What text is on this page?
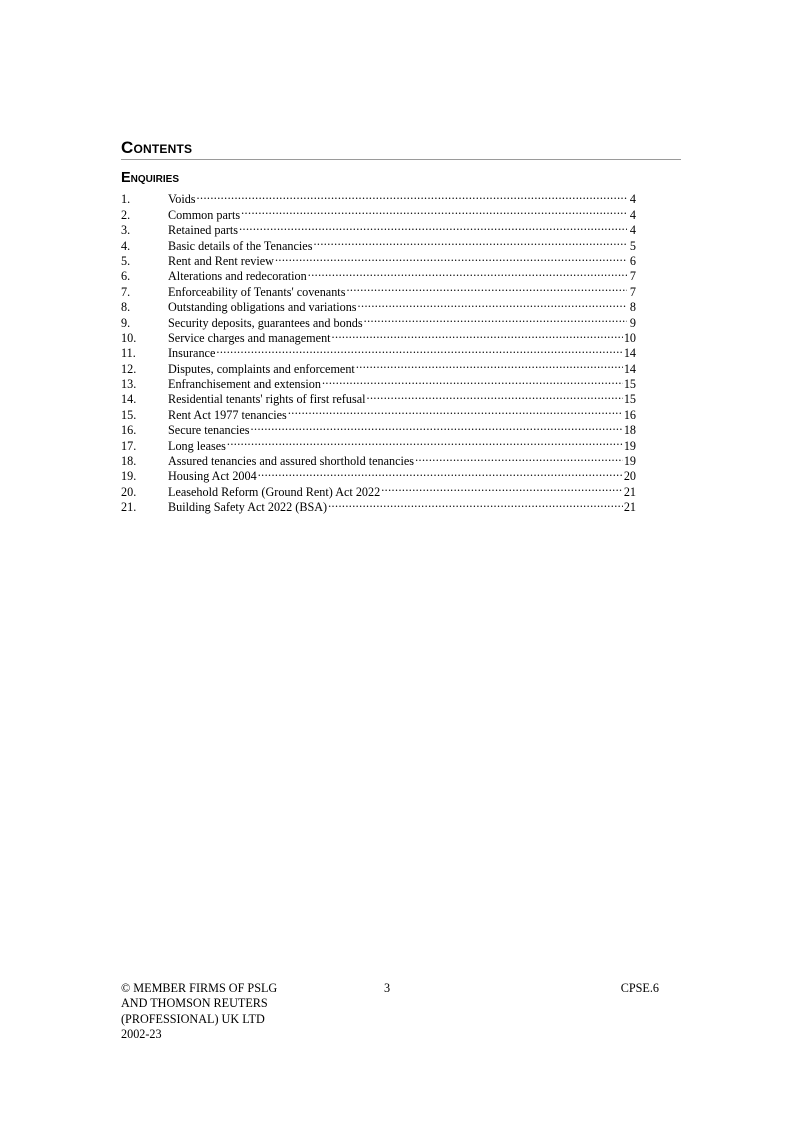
Contents
Enquiries
1.	Voids .....	4
2.	Common parts .....	4
3.	Retained parts .....	4
4.	Basic details of the Tenancies .....	5
5.	Rent and Rent review .....	6
6.	Alterations and redecoration .....	7
7.	Enforceability of Tenants' covenants .....	7
8.	Outstanding obligations and variations .....	8
9.	Security deposits, guarantees and bonds .....	9
10.	Service charges and management .....	10
11.	Insurance .....	14
12.	Disputes, complaints and enforcement .....	14
13.	Enfranchisement and extension .....	15
14.	Residential tenants' rights of first refusal .....	15
15.	Rent Act 1977 tenancies .....	16
16.	Secure tenancies .....	18
17.	Long leases .....	19
18.	Assured tenancies and assured shorthold tenancies .....	19
19.	Housing Act 2004 .....	20
20.	Leasehold Reform (Ground Rent) Act 2022 .....	21
21.	Building Safety Act 2022 (BSA) .....	21
© MEMBER FIRMS OF PSLG
AND THOMSON REUTERS
(PROFESSIONAL) UK LTD
2002-23
3	CPSE.6
